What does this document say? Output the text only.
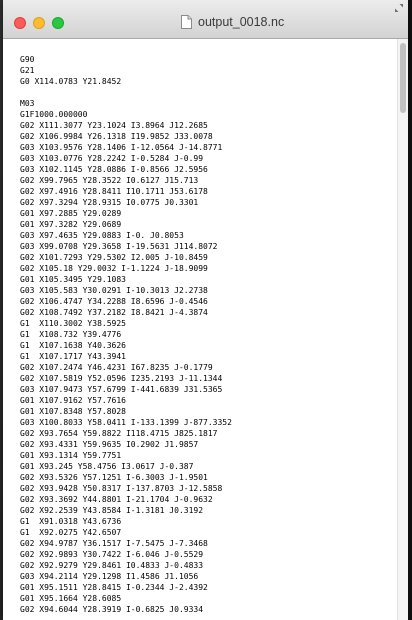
output_0018.nc
G90
G21
G0 X114.0783 Y21.8452
M03
G1F1000.000000
G02 X111.3077 Y23.1024 I3.8964 J12.2685
G02 X106.9984 Y26.1318 I19.9852 J33.0078
G03 X103.9576 Y28.1406 I-12.0564 J-14.8771
G03 X103.0776 Y28.2242 I-0.5284 J-0.99
G03 X102.1145 Y28.0886 I-0.8566 J2.5956
G02 X99.7965 Y28.3522 I0.6127 J15.713
G02 X97.4916 Y28.8411 I10.1711 J53.6178
G02 X97.3294 Y28.9315 I0.0775 J0.3301
G01 X97.2885 Y29.0289
G01 X97.3282 Y29.0689
G03 X97.4635 Y29.0883 I-0. J0.8053
G03 X99.0708 Y29.3658 I-19.5631 J114.8072
G02 X101.7293 Y29.5302 I2.005 J-10.8459
G02 X105.18 Y29.0032 I-1.1224 J-18.9099
G01 X105.3495 Y29.1083
G03 X105.583 Y30.0291 I-10.3013 J2.2738
G02 X106.4747 Y34.2288 I8.6596 J-0.4546
G02 X108.7492 Y37.2182 I8.8421 J-4.3874
G1  X110.3002 Y38.5925
G1  X108.732 Y39.4776
G1  X107.1638 Y40.3626
G1  X107.1717 Y43.3941
G02 X107.2474 Y46.4231 I67.8235 J-0.1779
G02 X107.5819 Y52.0596 I235.2193 J-11.1344
G03 X107.9473 Y57.6799 I-441.6839 J31.5365
G01 X107.9162 Y57.7616
G01 X107.8348 Y57.8028
G03 X100.8033 Y58.0411 I-133.1399 J-877.3352
G02 X93.7654 Y59.8822 I118.4715 J825.1817
G02 X93.4331 Y59.9635 I0.2902 J1.9857
G01 X93.1314 Y59.7751
G01 X93.245 Y58.4756 I3.0617 J-0.387
G02 X93.5326 Y57.1251 I-6.3003 J-1.9501
G02 X93.9428 Y50.8317 I-137.8703 J-12.5858
G02 X93.3692 Y44.8801 I-21.1704 J-0.9632
G02 X92.2539 Y43.8584 I-1.3181 J0.3192
G1  X91.0318 Y43.6736
G1  X92.0275 Y42.6507
G02 X94.9787 Y36.1517 I-7.5475 J-7.3468
G02 X92.9893 Y30.7422 I-6.046 J-0.5529
G02 X92.9279 Y29.8461 I0.4833 J-0.4833
G03 X94.2114 Y29.1298 I1.4586 J1.1056
G01 X95.1511 Y28.8415 I-0.2344 J-2.4392
G01 X95.1664 Y28.6085
G02 X94.6044 Y28.3919 I-0.6825 J0.9334
